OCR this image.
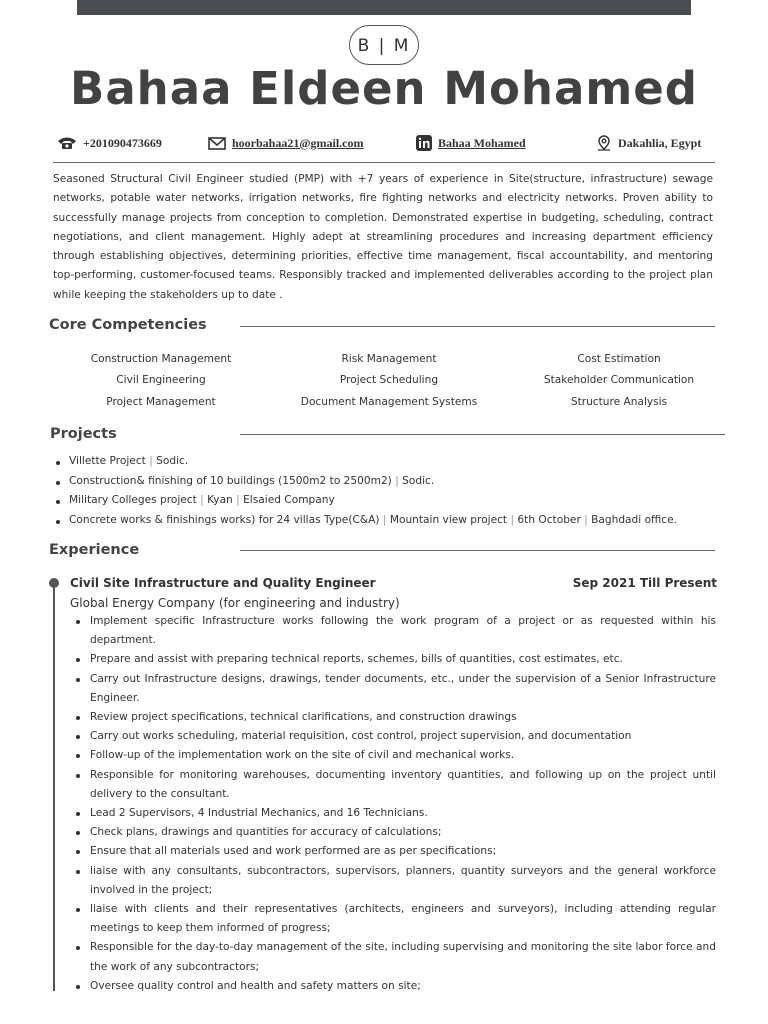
B | M
Bahaa Eldeen Mohamed
+201090473669	hoorbahaa21@gmail.com	Bahaa Mohamed	Dakahlia, Egypt
Seasoned Structural Civil Engineer studied (PMP) with +7 years of experience in Site(structure, infrastructure) sewage networks, potable water networks, irrigation networks, fire fighting networks and electricity networks. Proven ability to successfully manage projects from conception to completion. Demonstrated expertise in budgeting, scheduling, contract negotiations, and client management. Highly adept at streamlining procedures and increasing department efficiency through establishing objectives, determining priorities, effective time management, fiscal accountability, and mentoring top-performing, customer-focused teams. Responsibly tracked and implemented deliverables according to the project plan while keeping the stakeholders up to date .
Core Competencies
Construction Management	Risk Management	Cost Estimation
Civil Engineering	Project Scheduling	Stakeholder Communication
Project Management	Document Management Systems	Structure Analysis
Projects
Villette Project | Sodic.
Construction& finishing of 10 buildings (1500m2 to 2500m2) | Sodic.
Military Colleges project | Kyan | Elsaied Company
Concrete works & finishings works) for 24 villas Type(C&A) | Mountain view project | 6th October | Baghdadi office.
Experience
Civil Site Infrastructure and Quality Engineer	Sep 2021 Till Present
Global Energy Company (for engineering and industry)
Implement specific Infrastructure works following the work program of a project or as requested within his department.
Prepare and assist with preparing technical reports, schemes, bills of quantities, cost estimates, etc.
Carry out Infrastructure designs, drawings, tender documents, etc., under the supervision of a Senior Infrastructure Engineer.
Review project specifications, technical clarifications, and construction drawings
Carry out works scheduling, material requisition, cost control, project supervision, and documentation
Follow-up of the implementation work on the site of civil and mechanical works.
Responsible for monitoring warehouses, documenting inventory quantities, and following up on the project until delivery to the consultant.
Lead 2 Supervisors, 4 Industrial Mechanics, and 16 Technicians.
Check plans, drawings and quantities for accuracy of calculations;
Ensure that all materials used and work performed are as per specifications;
liaise with any consultants, subcontractors, supervisors, planners, quantity surveyors and the general workforce involved in the project;
liaise with clients and their representatives (architects, engineers and surveyors), including attending regular meetings to keep them informed of progress;
Responsible for the day-to-day management of the site, including supervising and monitoring the site labor force and the work of any subcontractors;
Oversee quality control and health and safety matters on site;
